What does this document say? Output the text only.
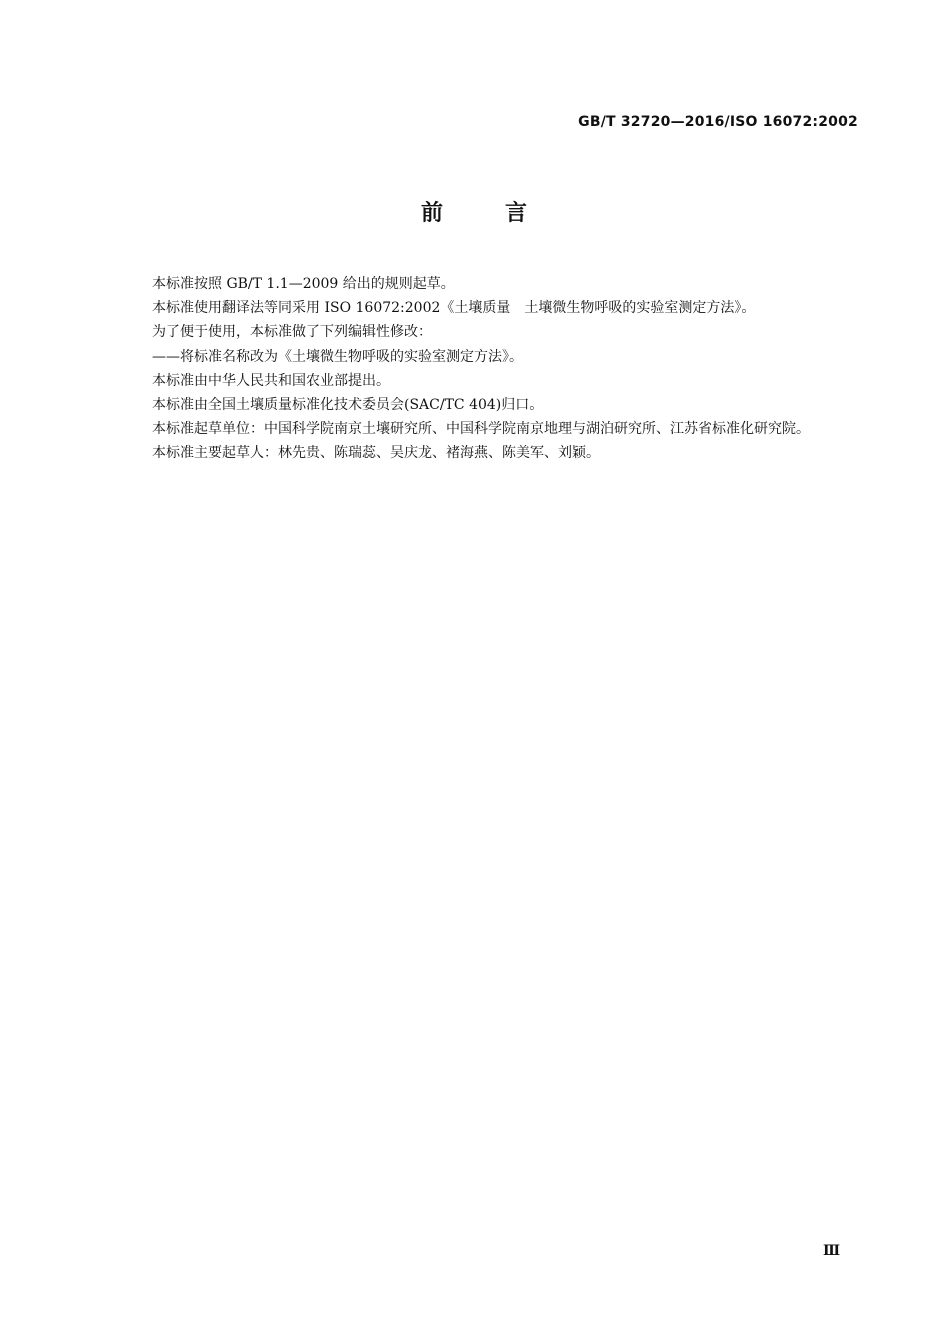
GB/T 32720—2016/ISO 16072:2002
前	言

本标准按照 GB/T 1.1—2009 给出的规则起草。

本标准使用翻译法等同采用 ISO 16072:2002《土壤质量　土壤微生物呼吸的实验室测定方法》。

为了便于使用，本标准做了下列编辑性修改：

——将标准名称改为《土壤微生物呼吸的实验室测定方法》。

本标准由中华人民共和国农业部提出。

本标准由全国土壤质量标准化技术委员会(SAC/TC 404)归口。

本标准起草单位：中国科学院南京土壤研究所、中国科学院南京地理与湖泊研究所、江苏省标准化研究院。

本标准主要起草人：林先贵、陈瑞蕊、吴庆龙、褚海燕、陈美军、刘颖。

Ⅲ
